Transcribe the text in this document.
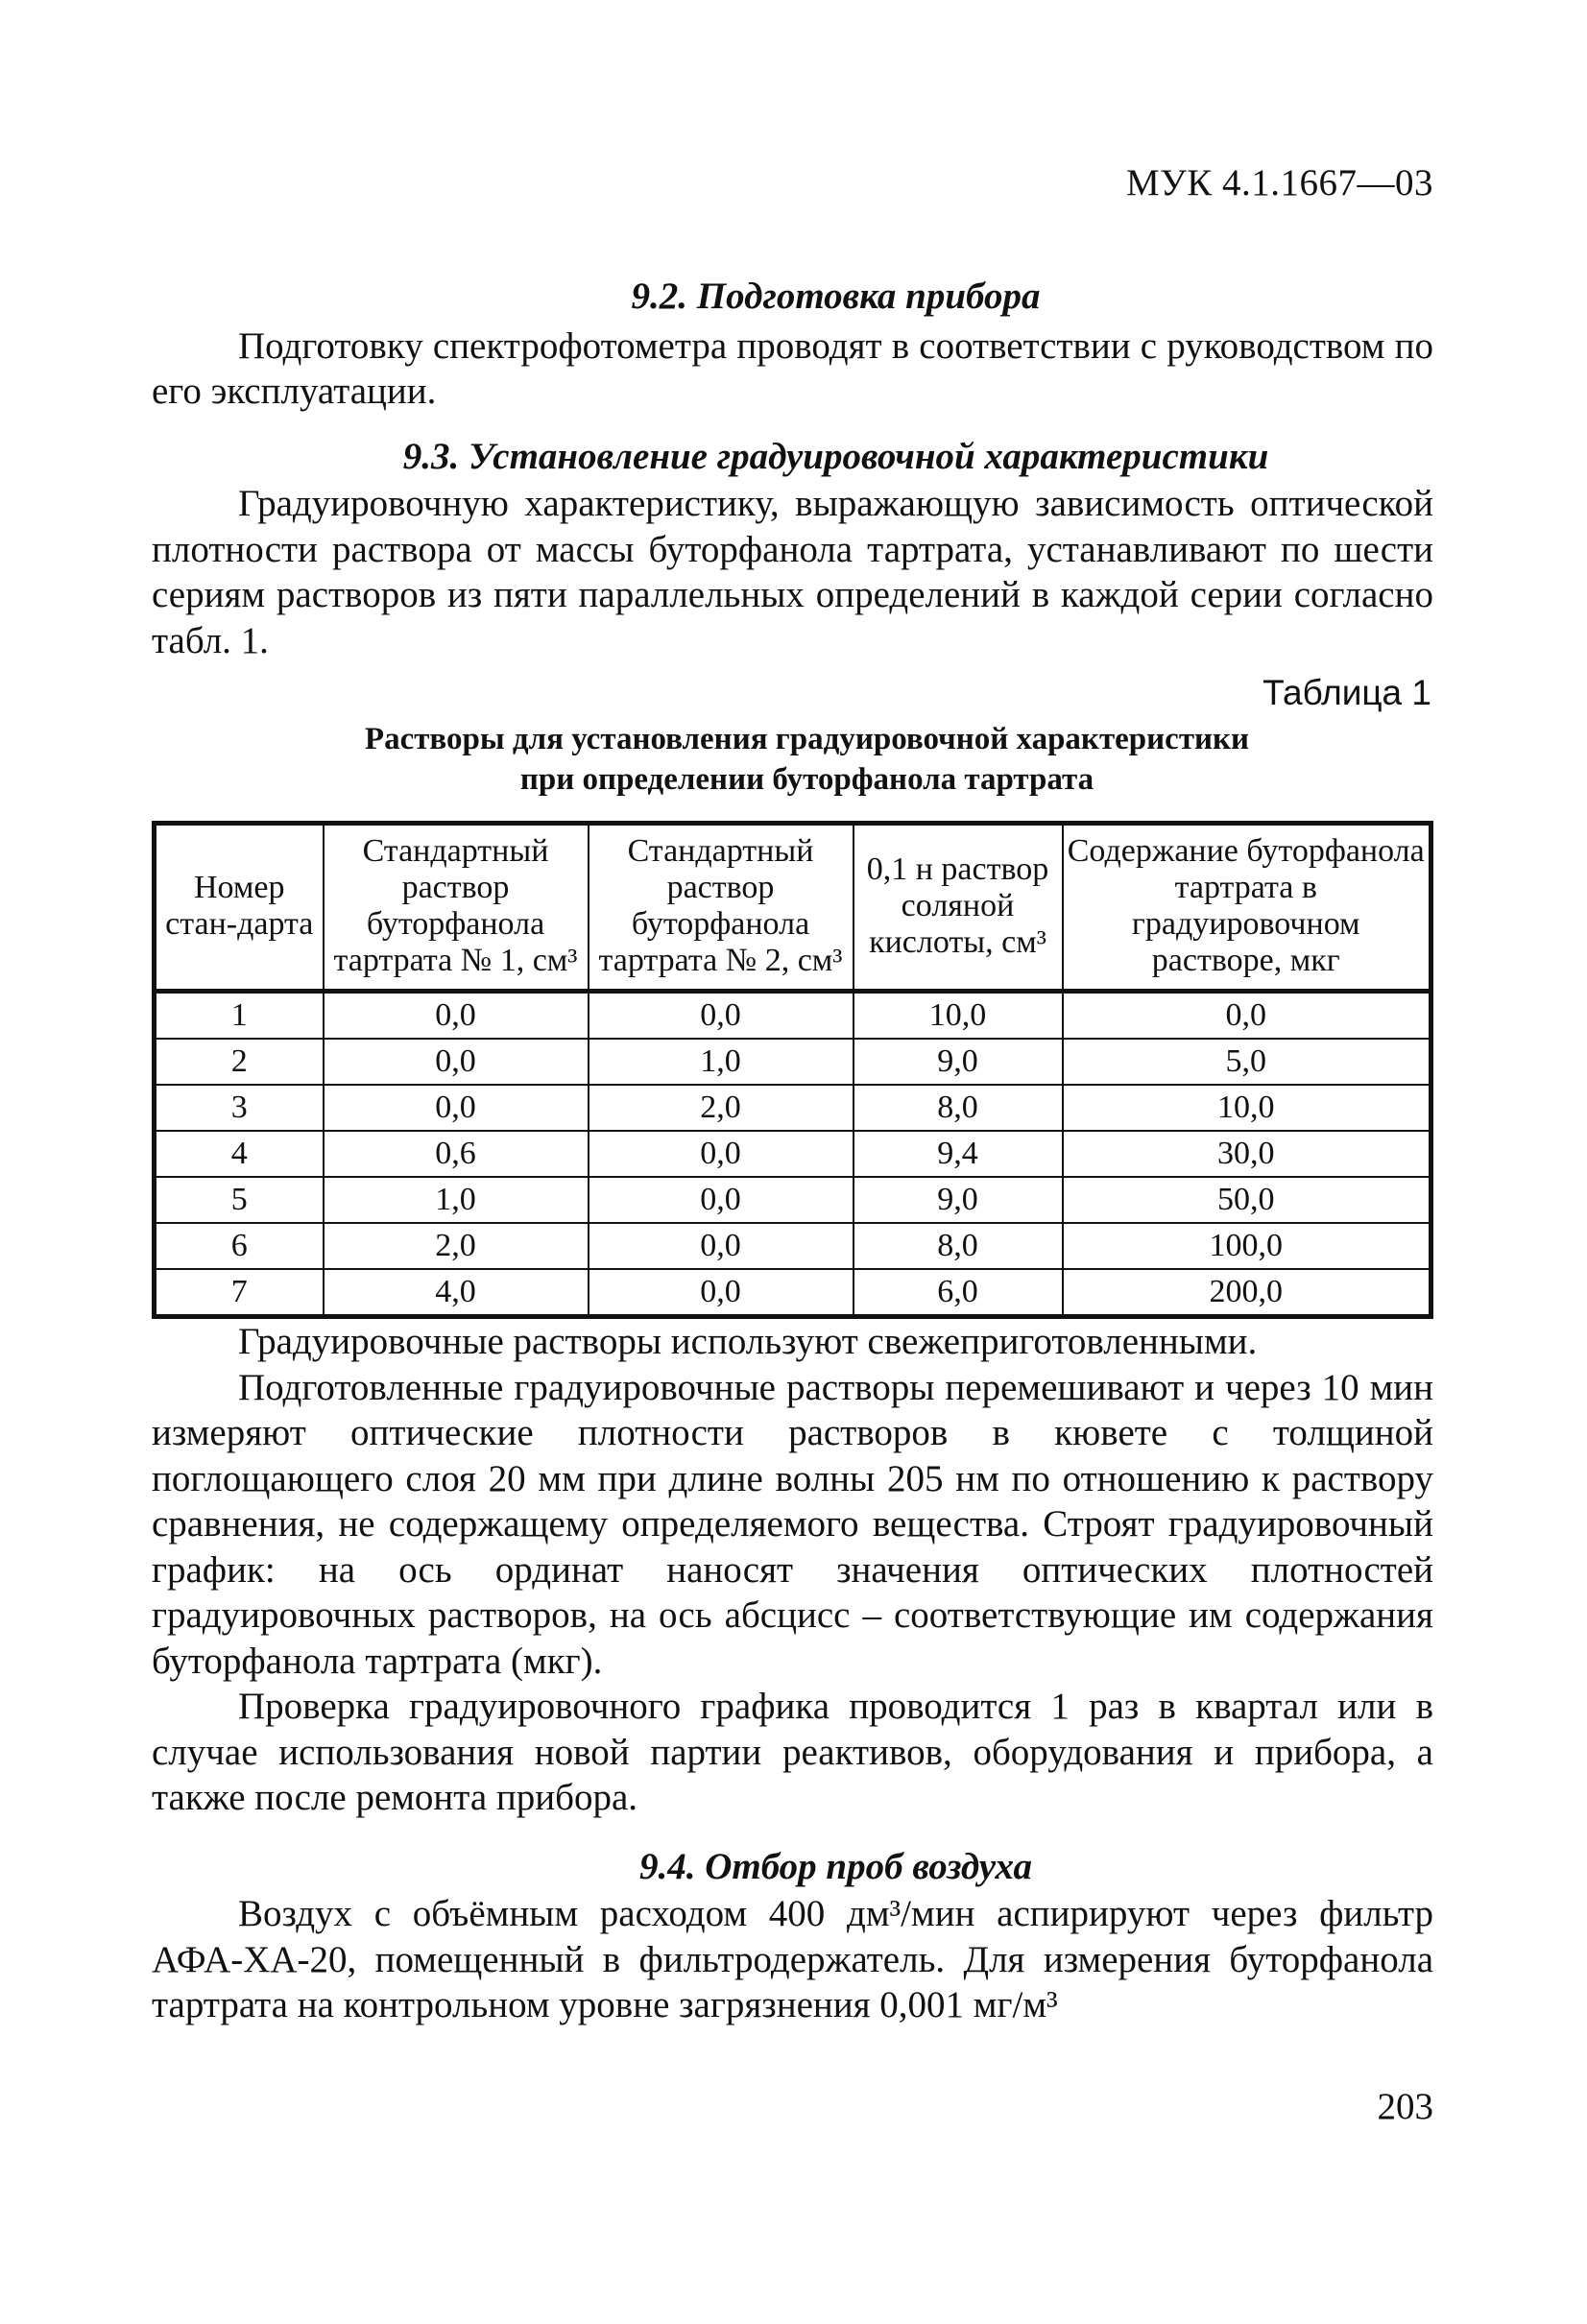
МУК 4.1.1667—03
9.2. Подготовка прибора

Подготовку спектрофотометра проводят в соответствии с руководством по его эксплуатации.

9.3. Установление градуировочной характеристики

Градуировочную характеристику, выражающую зависимость оптической плотности раствора от массы буторфанола тартрата, устанавливают по шести сериям растворов из пяти параллельных определений в каждой серии согласно табл. 1.

Таблица 1
Растворы для установления градуировочной характеристики
при определении буторфанола тартрата
Номер стан-дарта	Стандартный раствор буторфанола тартрата № 1, см³	Стандартный раствор буторфанола тартрата № 2, см³	0,1 н раствор соляной кислоты, см³	Содержание буторфанола тартрата в градуировочном растворе, мкг
1	0,0	0,0	10,0	0,0
2	0,0	1,0	9,0	5,0
3	0,0	2,0	8,0	10,0
4	0,6	0,0	9,4	30,0
5	1,0	0,0	9,0	50,0
6	2,0	0,0	8,0	100,0
7	4,0	0,0	6,0	200,0

Градуировочные растворы используют свежеприготовленными.

Подготовленные градуировочные растворы перемешивают и через 10 мин измеряют оптические плотности растворов в кювете с толщиной поглощающего слоя 20 мм при длине волны 205 нм по отношению к раствору сравнения, не содержащему определяемого вещества. Строят градуировочный график: на ось ординат наносят значения оптических плотностей градуировочных растворов, на ось абсцисс – соответствующие им содержания буторфанола тартрата (мкг).

Проверка градуировочного графика проводится 1 раз в квартал или в случае использования новой партии реактивов, оборудования и прибора, а также после ремонта прибора.

9.4. Отбор проб воздуха

Воздух с объёмным расходом 400 дм³/мин аспирируют через фильтр АФА-ХА-20, помещенный в фильтродержатель. Для измерения буторфанола тартрата на контрольном уровне загрязнения 0,001 мг/м³

203
